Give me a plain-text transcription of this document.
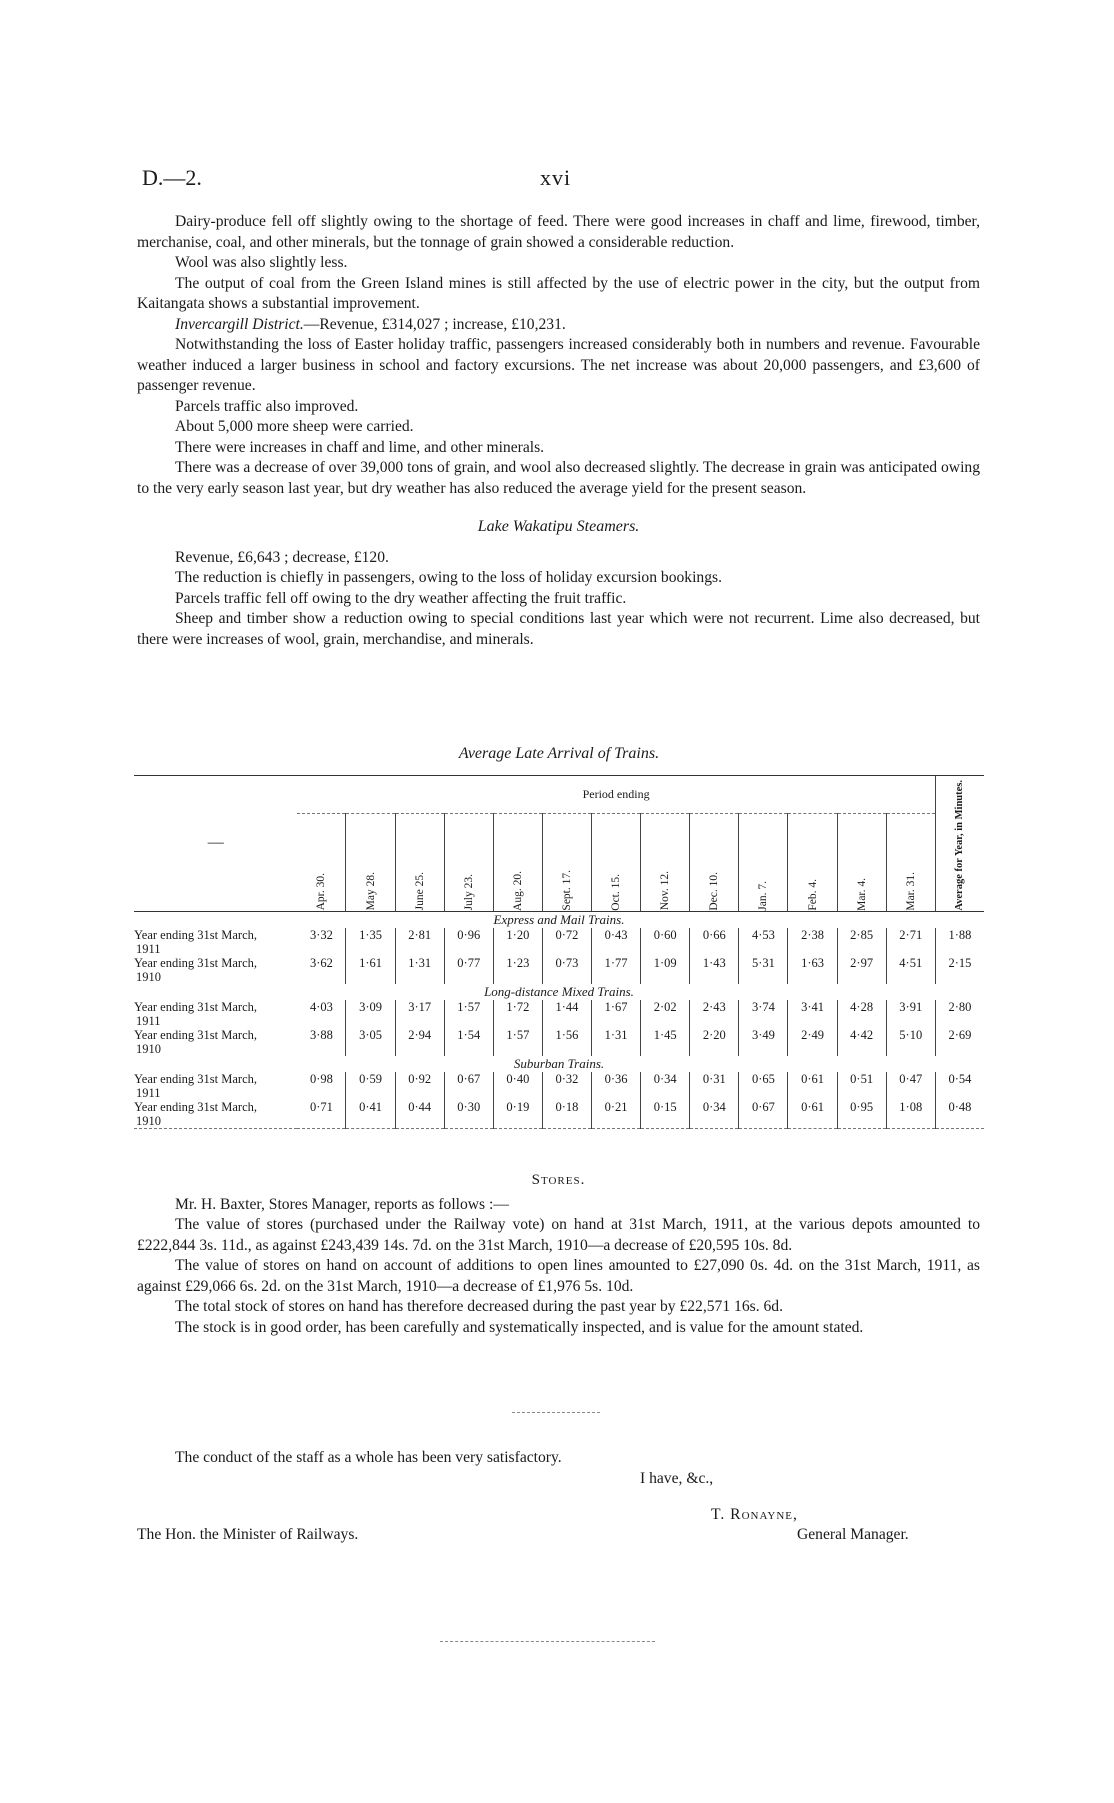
D.—2.	xvi

Dairy-produce fell off slightly owing to the shortage of feed. There were good increases in chaff and lime, firewood, timber, merchanise, coal, and other minerals, but the tonnage of grain showed a considerable reduction.

Wool was also slightly less.

The output of coal from the Green Island mines is still affected by the use of electric power in the city, but the output from Kaitangata shows a substantial improvement.

Invercargill District.—Revenue, £314,027 ; increase, £10,231.

Notwithstanding the loss of Easter holiday traffic, passengers increased considerably both in numbers and revenue. Favourable weather induced a larger business in school and factory excursions. The net increase was about 20,000 passengers, and £3,600 of passenger revenue.

Parcels traffic also improved.

About 5,000 more sheep were carried.

There were increases in chaff and lime, and other minerals.

There was a decrease of over 39,000 tons of grain, and wool also decreased slightly. The decrease in grain was anticipated owing to the very early season last year, but dry weather has also reduced the average yield for the present season.

Lake Wakatipu Steamers.

Revenue, £6,643 ; decrease, £120.

The reduction is chiefly in passengers, owing to the loss of holiday excursion bookings.

Parcels traffic fell off owing to the dry weather affecting the fruit traffic.

Sheep and timber show a reduction owing to special conditions last year which were not recurrent. Lime also decreased, but there were increases of wool, grain, merchandise, and minerals.

Average Late Arrival of Trains.

—	Period ending													Average for Year, in Minutes.

	Apr. 30.	May 28.	June 25.	July 23.	Aug. 20.	Sept. 17.	Oct. 15.	Nov. 12.	Dec. 10.	Jan. 7.	Feb. 4.	Mar. 4.	Mar. 31.	

Express and Mail Trains.														
Year ending 31st March,
1911	3·32	1·35	2·81	0·96	1·20	0·72	0·43	0·60	0·66	4·53	2·38	2·85	2·71	1·88
Year ending 31st March,
1910	3·62	1·61	1·31	0·77	1·23	0·73	1·77	1·09	1·43	5·31	1·63	2·97	4·51	2·15
Long-distance Mixed Trains.														
Year ending 31st March,
1911	4·03	3·09	3·17	1·57	1·72	1·44	1·67	2·02	2·43	3·74	3·41	4·28	3·91	2·80
Year ending 31st March,
1910	3·88	3·05	2·94	1·54	1·57	1·56	1·31	1·45	2·20	3·49	2·49	4·42	5·10	2·69
Suburban Trains.														
Year ending 31st March,
1911	0·98	0·59	0·92	0·67	0·40	0·32	0·36	0·34	0·31	0·65	0·61	0·51	0·47	0·54
Year ending 31st March,
1910	0·71	0·41	0·44	0·30	0·19	0·18	0·21	0·15	0·34	0·67	0·61	0·95	1·08	0·48
Stores.

Mr. H. Baxter, Stores Manager, reports as follows :—

The value of stores (purchased under the Railway vote) on hand at 31st March, 1911, at the various depots amounted to £222,844 3s. 11d., as against £243,439 14s. 7d. on the 31st March, 1910—a decrease of £20,595 10s. 8d.

The value of stores on hand on account of additions to open lines amounted to £27,090 0s. 4d. on the 31st March, 1911, as against £29,066 6s. 2d. on the 31st March, 1910—a decrease of £1,976 5s. 10d.

The total stock of stores on hand has therefore decreased during the past year by £22,571 16s. 6d.

The stock is in good order, has been carefully and systematically inspected, and is value for the amount stated.

The conduct of the staff as a whole has been very satisfactory.

I have, &c.,

T. Ronayne,
The Hon. the Minister of Railways.	General Manager.
